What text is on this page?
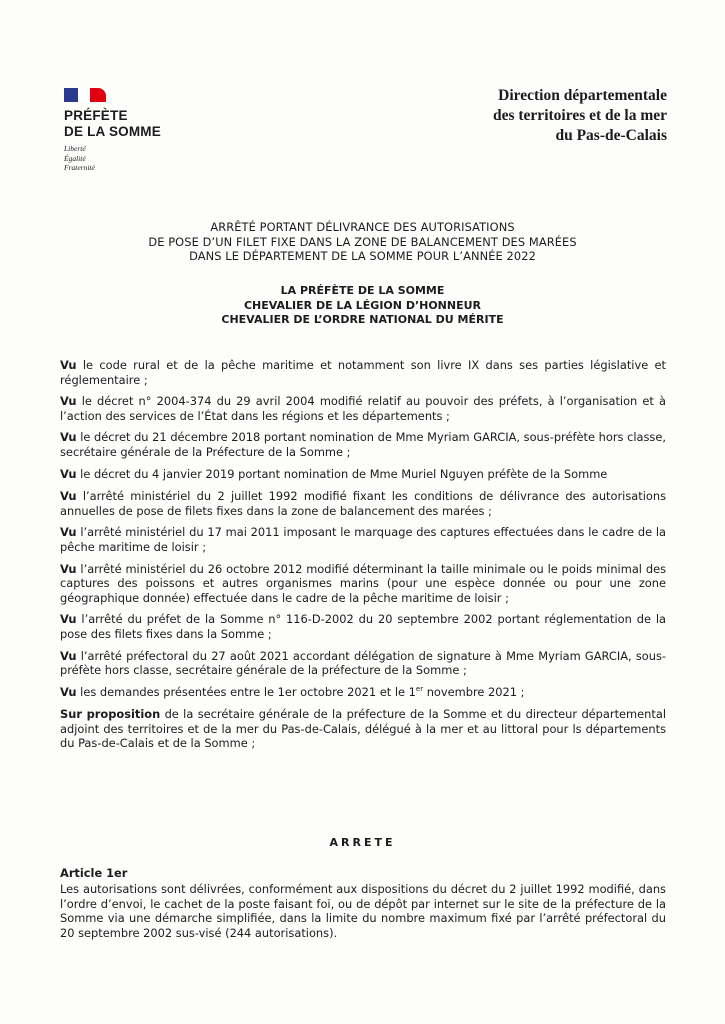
PRÉFÈTE
DE LA SOMME
Liberté
Égalité
Fraternité
Direction départementale
des territoires et de la mer
du Pas-de-Calais
ARRÊTÉ PORTANT DÉLIVRANCE DES AUTORISATIONS
DE POSE D’UN FILET FIXE DANS LA ZONE DE BALANCEMENT DES MARÉES
DANS LE DÉPARTEMENT DE LA SOMME POUR L’ANNÉE 2022
LA PRÉFÈTE DE LA SOMME
CHEVALIER DE LA LÉGION D’HONNEUR
CHEVALIER DE L’ORDRE NATIONAL DU MÉRITE

Vu le code rural et de la pêche maritime et notamment son livre IX dans ses parties législative et réglementaire ;

Vu le décret n° 2004-374 du 29 avril 2004 modifié relatif au pouvoir des préfets, à l’organisation et à l’action des services de l’État dans les régions et les départements ;

Vu le décret du 21 décembre 2018 portant nomination de Mme Myriam GARCIA, sous-préfète hors classe, secrétaire générale de la Préfecture de la Somme ;

Vu le décret du 4 janvier 2019 portant nomination de Mme Muriel Nguyen préfète de la Somme

Vu l’arrêté ministériel du 2 juillet 1992 modifié fixant les conditions de délivrance des autorisations annuelles de pose de filets fixes dans la zone de balancement des marées ;

Vu l’arrêté ministériel du 17 mai 2011 imposant le marquage des captures effectuées dans le cadre de la pêche maritime de loisir ;

Vu l’arrêté ministériel du 26 octobre 2012 modifié déterminant la taille minimale ou le poids minimal des captures des poissons et autres organismes marins (pour une espèce donnée ou pour une zone géographique donnée) effectuée dans le cadre de la pêche maritime de loisir ;

Vu l’arrêté du préfet de la Somme n° 116-D-2002 du 20 septembre 2002 portant réglementation de la pose des filets fixes dans la Somme ;

Vu l’arrêté préfectoral du 27 août 2021 accordant délégation de signature à Mme Myriam GARCIA, sous-préfète hors classe, secrétaire générale de la préfecture de la Somme ;

Vu les demandes présentées entre le 1er octobre 2021 et le 1er novembre 2021 ;

Sur proposition de la secrétaire générale de la préfecture de la Somme et du directeur départemental adjoint des territoires et de la mer du Pas-de-Calais, délégué à la mer et au littoral pour ls départements du Pas-de-Calais et de la Somme ;

ARRETE
Article 1er
Les autorisations sont délivrées, conformément aux dispositions du décret du 2 juillet 1992 modifié, dans l’ordre d’envoi, le cachet de la poste faisant foi, ou de dépôt par internet sur le site de la préfecture de la Somme via une démarche simplifiée, dans la limite du nombre maximum fixé par l’arrêté préfectoral du 20 septembre 2002 sus-visé (244 autorisations).
